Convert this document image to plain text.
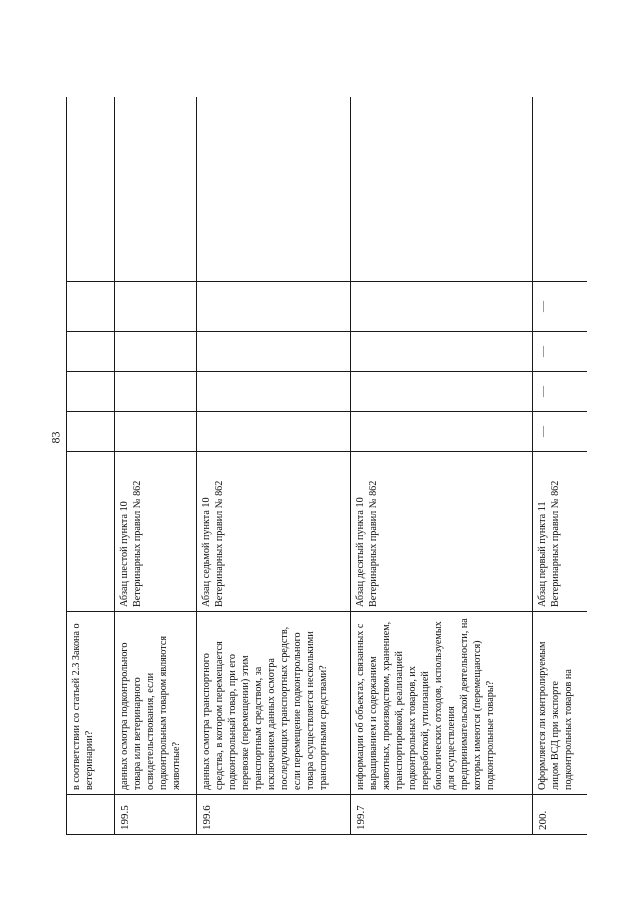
83
	в соответствии со статьей 2.3 Закона о ветеринарии?						
199.5	данных осмотра подконтрольного товара или ветеринарного освидетельствования, если подконтрольным товаром являются животные?	Абзац шестой пункта 10 Ветеринарных правил № 862					
199.6	данных осмотра транспортного средства, в котором перемещается подконтрольный товар, при его перевозке (перемещении) этим транспортным средством, за исключением данных осмотра последующих транспортных средств, если перемещение подконтрольного товара осуществляется несколькими транспортными средствами?	Абзац седьмой пункта 10 Ветеринарных правил № 862					
199.7	информации об объектах, связанных с выращиванием и содержанием животных, производством, хранением, транспортировкой, реализацией подконтрольных товаров, их переработкой, утилизацией биологических отходов, используемых для осуществления предпринимательской деятельности, на которых имеются (перемещаются) подконтрольные товары?	Абзац десятый пункта 10 Ветеринарных правил № 862					
200.	Оформляется ли контролируемым лицом ВСД при экспорте подконтрольных товаров на	Абзац первый пункта 11 Ветеринарных правил № 862	—	—	—	—	
